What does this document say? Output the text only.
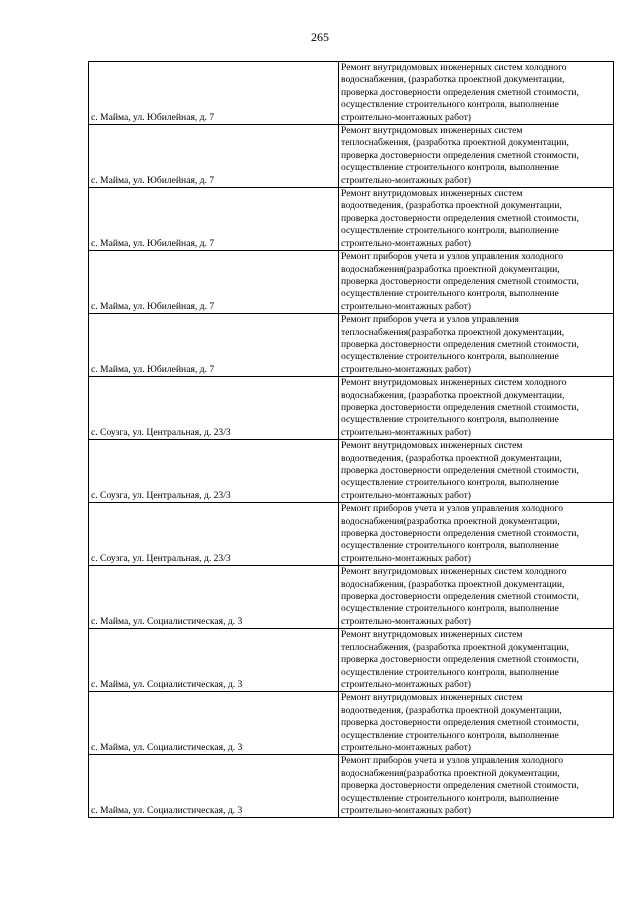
265
с. Майма, ул. Юбилейная, д. 7	Ремонт внутридомовых инженерных систем холодного
водоснабжения, (разработка проектной документации,
проверка достоверности определения сметной стоимости,
осуществление строительного контроля, выполнение
строительно-монтажных работ)

с. Майма, ул. Юбилейная, д. 7	Ремонт внутридомовых инженерных систем
теплоснабжения, (разработка проектной документации,
проверка достоверности определения сметной стоимости,
осуществление строительного контроля, выполнение
строительно-монтажных работ)

с. Майма, ул. Юбилейная, д. 7	Ремонт внутридомовых инженерных систем
водоотведения, (разработка проектной документации,
проверка достоверности определения сметной стоимости,
осуществление строительного контроля, выполнение
строительно-монтажных работ)

с. Майма, ул. Юбилейная, д. 7	Ремонт приборов учета и узлов управления холодного
водоснабжения(разработка проектной документации,
проверка достоверности определения сметной стоимости,
осуществление строительного контроля, выполнение
строительно-монтажных работ)

с. Майма, ул. Юбилейная, д. 7	Ремонт приборов учета и узлов управления
теплоснабжения(разработка проектной документации,
проверка достоверности определения сметной стоимости,
осуществление строительного контроля, выполнение
строительно-монтажных работ)

с. Соузга, ул. Центральная, д. 23/3	Ремонт внутридомовых инженерных систем холодного
водоснабжения, (разработка проектной документации,
проверка достоверности определения сметной стоимости,
осуществление строительного контроля, выполнение
строительно-монтажных работ)

с. Соузга, ул. Центральная, д. 23/3	Ремонт внутридомовых инженерных систем
водоотведения, (разработка проектной документации,
проверка достоверности определения сметной стоимости,
осуществление строительного контроля, выполнение
строительно-монтажных работ)

с. Соузга, ул. Центральная, д. 23/3	Ремонт приборов учета и узлов управления холодного
водоснабжения(разработка проектной документации,
проверка достоверности определения сметной стоимости,
осуществление строительного контроля, выполнение
строительно-монтажных работ)

с. Майма, ул. Социалистическая, д. 3	Ремонт внутридомовых инженерных систем холодного
водоснабжения, (разработка проектной документации,
проверка достоверности определения сметной стоимости,
осуществление строительного контроля, выполнение
строительно-монтажных работ)

с. Майма, ул. Социалистическая, д. 3	Ремонт внутридомовых инженерных систем
теплоснабжения, (разработка проектной документации,
проверка достоверности определения сметной стоимости,
осуществление строительного контроля, выполнение
строительно-монтажных работ)

с. Майма, ул. Социалистическая, д. 3	Ремонт внутридомовых инженерных систем
водоотведения, (разработка проектной документации,
проверка достоверности определения сметной стоимости,
осуществление строительного контроля, выполнение
строительно-монтажных работ)

с. Майма, ул. Социалистическая, д. 3	Ремонт приборов учета и узлов управления холодного
водоснабжения(разработка проектной документации,
проверка достоверности определения сметной стоимости,
осуществление строительного контроля, выполнение
строительно-монтажных работ)
